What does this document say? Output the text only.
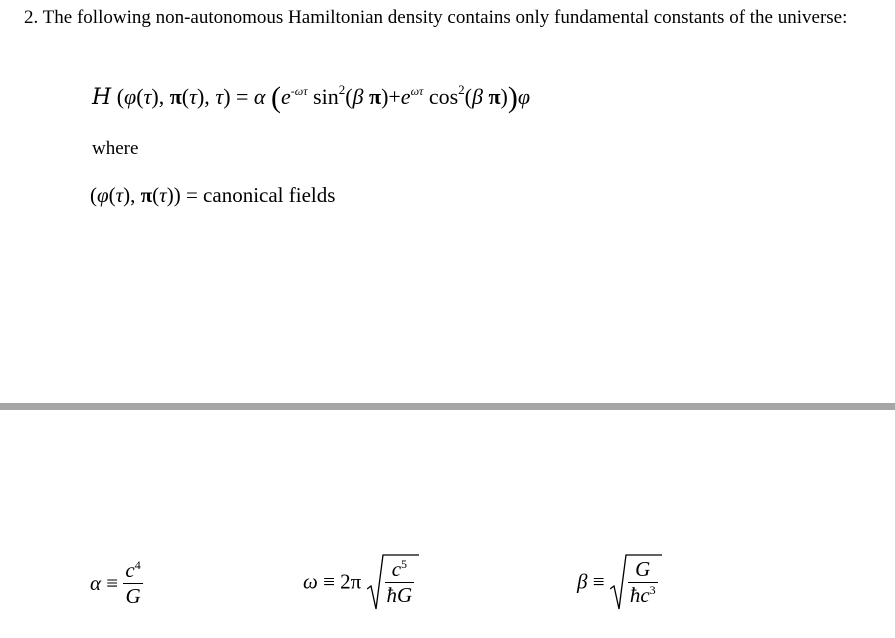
2. The following non-autonomous Hamiltonian density contains only fundamental constants of the universe:
H (φ(τ), π(τ), τ) = α ($e^{-\omega\tau}$ $\sin^2(\beta$ $\pi)+e^{\omega\tau}$ $\cos^2(\beta$ π))φ
where
(φ(τ), π(τ)) = canonical fields
$\alpha \equiv \frac{c^4}{G}$	$\omega \equiv 2\pi \frac{c^5}{ħG}$	$\beta \equiv \frac{G}{ħc^3}$
